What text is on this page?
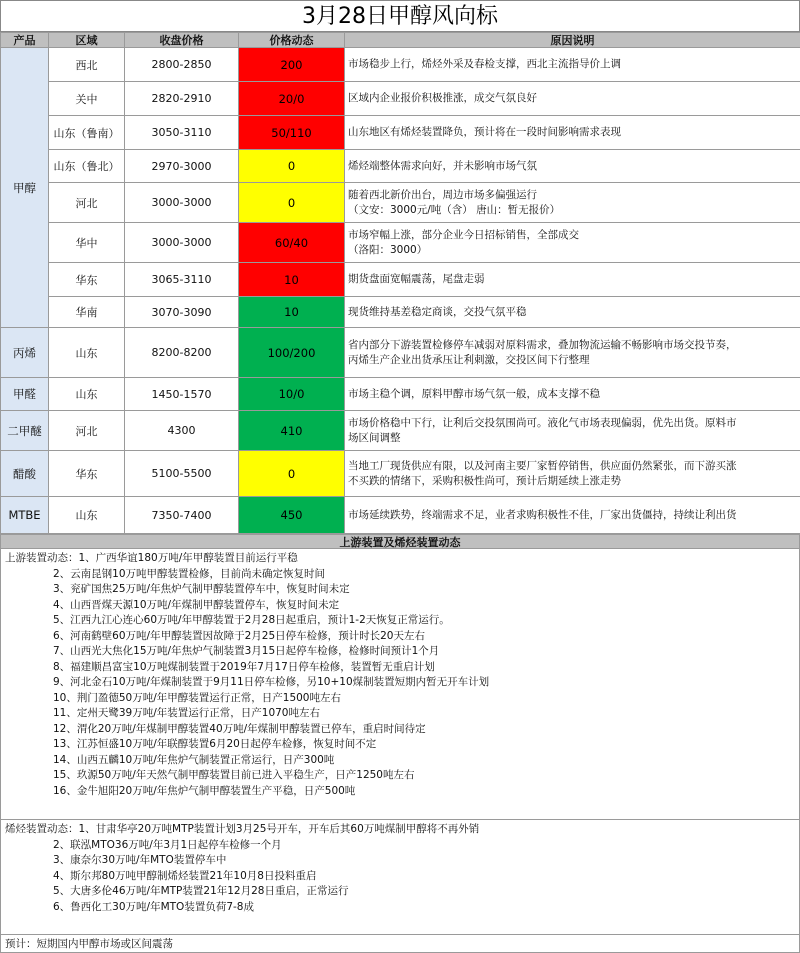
3月28日甲醇风向标
产品	区域	收盘价格	价格动态	原因说明
甲醇	西北	2800-2850	200	市场稳步上行，烯烃外采及春检支撑，西北主流指导价上调

	关中	2820-2910	20/0	区域内企业报价积极推涨，成交气氛良好

	山东（鲁南）	3050-3110	50/110	山东地区有烯烃装置降负，预计将在一段时间影响需求表现

	山东（鲁北）	2970-3000	0	烯烃端整体需求向好，并未影响市场气氛

	河北	3000-3000	0	随着西北新价出台，周边市场多偏强运行
（文安：3000元/吨（含） 唐山：暂无报价）

	华中	3000-3000	60/40	市场窄幅上涨，部分企业今日招标销售，全部成交
（洛阳：3000）

	华东	3065-3110	10	期货盘面宽幅震荡，尾盘走弱

	华南	3070-3090	10	现货维持基差稳定商谈，交投气氛平稳

丙烯	山东	8200-8200	100/200	省内部分下游装置检修停车减弱对原料需求，叠加物流运输不畅影响市场交投节奏，
丙烯生产企业出货承压让利刺激，交投区间下行整理

甲醛	山东	1450-1570	10/0	市场主稳个调，原料甲醇市场气氛一般，成本支撑不稳

二甲醚	河北	4300	410	市场价格稳中下行，让利后交投氛围尚可。液化气市场表现偏弱，优先出货。原料市
场区间调整

醋酸	华东	5100-5500	0	当地工厂现货供应有限，以及河南主要厂家暂停销售，供应面仍然紧张，而下游买涨
不买跌的情绪下，采购积极性尚可，预计后期延续上涨走势

MTBE	山东	7350-7400	450	市场延续跌势，终端需求不足，业者求购积极性不佳，厂家出货僵持，持续让利出货
上游装置及烯烃装置动态
上游装置动态：1、广西华谊180万吨/年甲醇装置目前运行平稳
2、云南昆钢10万吨甲醇装置检修，目前尚未确定恢复时间
3、兖矿国焦25万吨/年焦炉气制甲醇装置停车中，恢复时间未定
4、山西晋煤天源10万吨/年煤制甲醇装置停车，恢复时间未定
5、江西九江心连心60万吨/年甲醇装置于2月28日起重启，预计1-2天恢复正常运行。
6、河南鹤壁60万吨/年甲醇装置因故障于2月25日停车检修，预计时长20天左右
7、山西光大焦化15万吨/年焦炉气制装置3月15日起停车检修，检修时间预计1个月
8、福建顺昌富宝10万吨煤制装置于2019年7月17日停车检修，装置暂无重启计划
9、河北金石10万吨/年煤制装置于9月11日停车检修，另10+10煤制装置短期内暂无开车计划
10、荆门盈德50万吨/年甲醇装置运行正常，日产1500吨左右
11、定州天鹭39万吨/年装置运行正常，日产1070吨左右
12、渭化20万吨/年煤制甲醇装置40万吨/年煤制甲醇装置已停车，重启时间待定
13、江苏恒盛10万吨/年联醇装置6月20日起停车检修，恢复时间不定
14、山西五麟10万吨/年焦炉气制装置正常运行，日产300吨
15、玖源50万吨/年天然气制甲醇装置目前已进入平稳生产，日产1250吨左右
16、金牛旭阳20万吨/年焦炉气制甲醇装置生产平稳，日产500吨
烯烃装置动态：1、甘肃华亭20万吨MTP装置计划3月25号开车，开车后其60万吨煤制甲醇将不再外销
2、联泓MTO36万吨/年3月1日起停车检修一个月
3、康奈尔30万吨/年MTO装置停车中
4、斯尔邦80万吨甲醇制烯烃装置21年10月8日投料重启
5、大唐多伦46万吨/年MTP装置21年12月28日重启，正常运行
6、鲁西化工30万吨/年MTO装置负荷7-8成
预计：短期国内甲醇市场或区间震荡
